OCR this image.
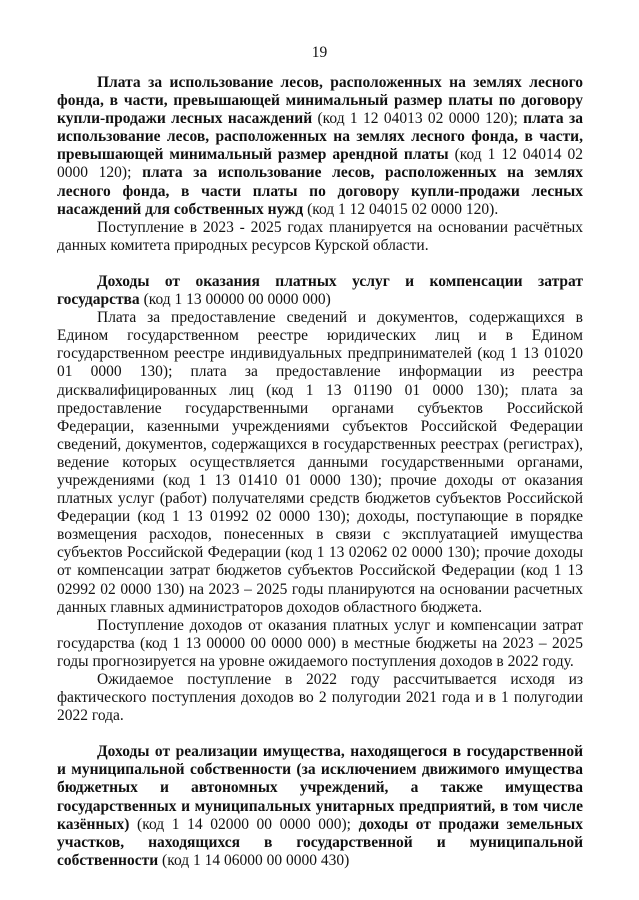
19

Плата за использование лесов, расположенных на землях лесного фонда, в части, превышающей минимальный размер платы по договору купли-продажи лесных насаждений (код 1 12 04013 02 0000 120); плата за использование лесов, расположенных на землях лесного фонда, в части, превышающей минимальный размер арендной платы (код 1 12 04014 02 0000 120); плата за использование лесов, расположенных на землях лесного фонда, в части платы по договору купли-продажи лесных насаждений для собственных нужд (код 1 12 04015 02 0000 120).

Поступление в 2023 - 2025 годах планируется на основании расчётных данных комитета природных ресурсов Курской области.

Доходы от оказания платных услуг и компенсации затрат государства (код 1 13 00000 00 0000 000)

Плата за предоставление сведений и документов, содержащихся в Едином государственном реестре юридических лиц и в Едином государственном реестре индивидуальных предпринимателей (код 1 13 01020 01 0000 130); плата за предоставление информации из реестра дисквалифицированных лиц (код 1 13 01190 01 0000 130); плата за предоставление государственными органами субъектов Российской Федерации, казенными учреждениями субъектов Российской Федерации сведений, документов, содержащихся в государственных реестрах (регистрах), ведение которых осуществляется данными государственными органами, учреждениями (код 1 13 01410 01 0000 130); прочие доходы от оказания платных услуг (работ) получателями средств бюджетов субъектов Российской Федерации (код 1 13 01992 02 0000 130); доходы, поступающие в порядке возмещения расходов, понесенных в связи с эксплуатацией имущества субъектов Российской Федерации (код 1 13 02062 02 0000 130); прочие доходы от компенсации затрат бюджетов субъектов Российской Федерации (код 1 13 02992 02 0000 130) на 2023 – 2025 годы планируются на основании расчетных данных главных администраторов доходов областного бюджета.

Поступление доходов от оказания платных услуг и компенсации затрат государства (код 1 13 00000 00 0000 000) в местные бюджеты на 2023 – 2025 годы прогнозируется на уровне ожидаемого поступления доходов в 2022 году.

Ожидаемое поступление в 2022 году рассчитывается исходя из фактического поступления доходов во 2 полугодии 2021 года и в 1 полугодии 2022 года.

Доходы от реализации имущества, находящегося в государственной и муниципальной собственности (за исключением движимого имущества бюджетных и автономных учреждений, а также имущества государственных и муниципальных унитарных предприятий, в том числе казённых) (код 1 14 02000 00 0000 000); доходы от продажи земельных участков, находящихся в государственной и муниципальной собственности (код 1 14 06000 00 0000 430)
